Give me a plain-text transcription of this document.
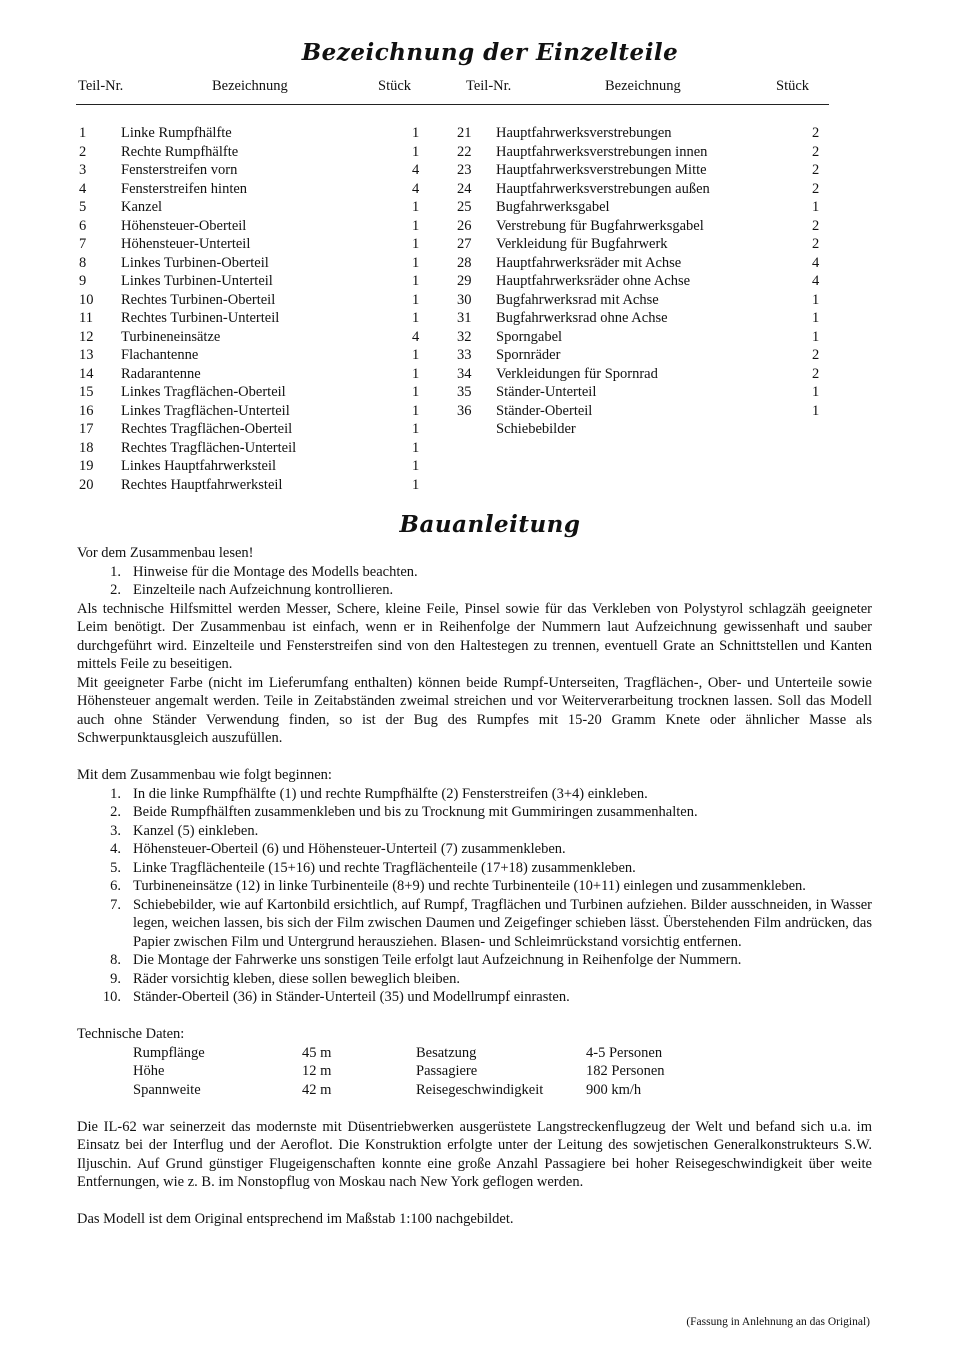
Bezeichnung der Einzelteile
Teil-Nr.	Bezeichnung	Stück	Teil-Nr.	Bezeichnung	Stück
1 Linke Rumpfhälfte	1
2 Rechte Rumpfhälfte	1
3 Fensterstreifen vorn	4
4 Fensterstreifen hinten	4
5 Kanzel	1
6 Höhensteuer-Oberteil	1
7 Höhensteuer-Unterteil	1
8 Linkes Turbinen-Oberteil	1
9 Linkes Turbinen-Unterteil	1
10 Rechtes Turbinen-Oberteil	1
11 Rechtes Turbinen-Unterteil	1
12 Turbineneinsätze	4
13 Flachantenne	1
14 Radarantenne	1
15 Linkes Tragflächen-Oberteil	1
16 Linkes Tragflächen-Unterteil	1
17 Rechtes Tragflächen-Oberteil	1
18 Rechtes Tragflächen-Unterteil	1
19 Linkes Hauptfahrwerksteil	1
20 Rechtes Hauptfahrwerksteil	1
21 Hauptfahrwerksverstrebungen	2
22 Hauptfahrwerksverstrebungen innen	2
23 Hauptfahrwerksverstrebungen Mitte	2
24 Hauptfahrwerksverstrebungen außen	2
25 Bugfahrwerksgabel	1
26 Verstrebung für Bugfahrwerksgabel	2
27 Verkleidung für Bugfahrwerk	2
28 Hauptfahrwerksräder mit Achse	4
29 Hauptfahrwerksräder ohne Achse	4
30 Bugfahrwerksrad mit Achse	1
31 Bugfahrwerksrad ohne Achse	1
32 Sporngabel	1
33 Spornräder	2
34 Verkleidungen für Spornrad	2
35 Ständer-Unterteil	1
36 Ständer-Oberteil	1
Schiebebilder
Bauanleitung

Vor dem Zusammenbau lesen!

1. Hinweise für die Montage des Modells beachten.
2. Einzelteile nach Aufzeichnung kontrollieren.

Als technische Hilfsmittel werden Messer, Schere, kleine Feile, Pinsel sowie für das Verkleben von Polystyrol schlagzäh geeigneter Leim benötigt. Der Zusammenbau ist einfach, wenn er in Reihenfolge der Nummern laut Aufzeichnung gewissenhaft und sauber durchgeführt wird. Einzelteile und Fensterstreifen sind von den Haltestegen zu trennen, eventuell Grate an Schnittstellen und Kanten mittels Feile zu beseitigen.

Mit geeigneter Farbe (nicht im Lieferumfang enthalten) können beide Rumpf-Unterseiten, Tragflächen-, Ober- und Unterteile sowie Höhensteuer angemalt werden. Teile in Zeitabständen zweimal streichen und vor Weiterverarbeitung trocknen lassen. Soll das Modell auch ohne Ständer Verwendung finden, so ist der Bug des Rumpfes mit 15-20 Gramm Knete oder ähnlicher Masse als Schwerpunktausgleich auszufüllen.

Mit dem Zusammenbau wie folgt beginnen:

1. In die linke Rumpfhälfte (1) und rechte Rumpfhälfte (2) Fensterstreifen (3+4) einkleben.
2. Beide Rumpfhälften zusammenkleben und bis zu Trocknung mit Gummiringen zusammenhalten.
3. Kanzel (5) einkleben.
4. Höhensteuer-Oberteil (6) und Höhensteuer-Unterteil (7) zusammenkleben.
5. Linke Tragflächenteile (15+16) und rechte Tragflächenteile (17+18) zusammenkleben.
6. Turbineneinsätze (12) in linke Turbinenteile (8+9) und rechte Turbinenteile (10+11) einlegen und zusammenkleben.
7. Schiebebilder, wie auf Kartonbild ersichtlich, auf Rumpf, Tragflächen und Turbinen aufziehen. Bilder ausschneiden, in Wasser legen, weichen lassen, bis sich der Film zwischen Daumen und Zeigefinger schieben lässt. Überstehenden Film andrücken, das Papier zwischen Film und Untergrund herausziehen. Blasen- und Schleimrückstand vorsichtig entfernen.
8. Die Montage der Fahrwerke uns sonstigen Teile erfolgt laut Aufzeichnung in Reihenfolge der Nummern.
9. Räder vorsichtig kleben, diese sollen beweglich bleiben.
10. Ständer-Oberteil (36) in Ständer-Unterteil (35) und Modellrumpf einrasten.

Technische Daten:

Rumpflänge	45 m	Besatzung	4-5 Personen
Höhe	12 m	Passagiere	182 Personen
Spannweite	42 m	Reisegeschwindigkeit	900 km/h

Die IL-62 war seinerzeit das modernste mit Düsentriebwerken ausgerüstete Langstreckenflugzeug der Welt und befand sich u.a. im Einsatz bei der Interflug und der Aeroflot. Die Konstruktion erfolgte unter der Leitung des sowjetischen Generalkonstrukteurs S.W. Iljuschin. Auf Grund günstiger Flugeigenschaften konnte eine große Anzahl Passagiere bei hoher Reisegeschwindigkeit über weite Entfernungen, wie z. B. im Nonstopflug von Moskau nach New York geflogen werden.

Das Modell ist dem Original entsprechend im Maßstab 1:100 nachgebildet.

(Fassung in Anlehnung an das Original)
